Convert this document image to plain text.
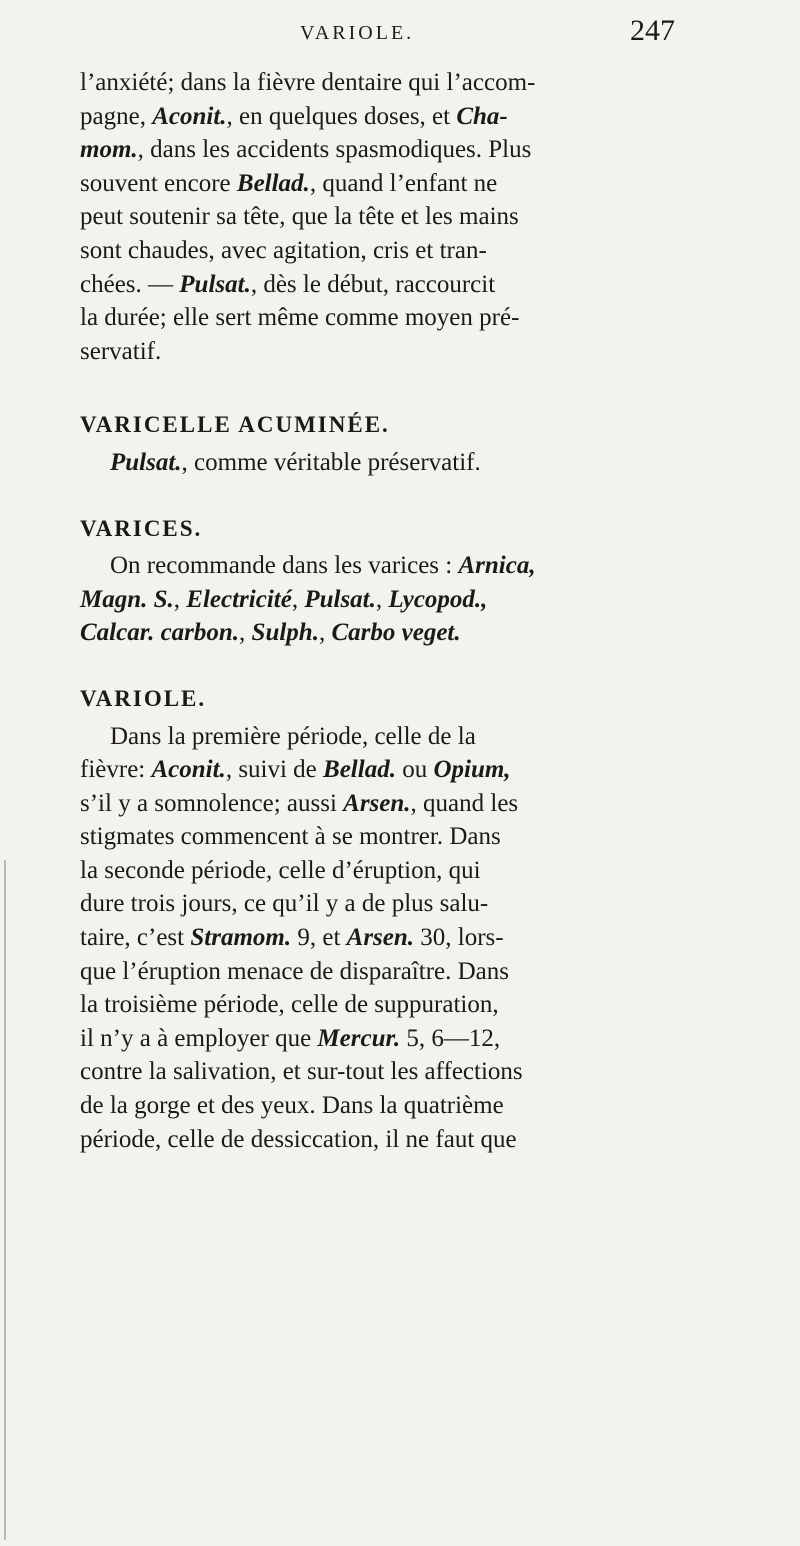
VARIOLE.	247

l’anxiété; dans la fièvre dentaire qui l’accom-

pagne, Aconit., en quelques doses, et Cha-

mom., dans les accidents spasmodiques. Plus

souvent encore Bellad., quand l’enfant ne

peut soutenir sa tête, que la tête et les mains

sont chaudes, avec agitation, cris et tran-

chées. — Pulsat., dès le début, raccourcit

la durée; elle sert même comme moyen pré-

servatif.

VARICELLE ACUMINÉE.

Pulsat., comme véritable préservatif.

VARICES.

On recommande dans les varices : Arnica,

Magn. S., Electricité, Pulsat., Lycopod.,

Calcar. carbon., Sulph., Carbo veget.

VARIOLE.

Dans la première période, celle de la

fièvre: Aconit., suivi de Bellad. ou Opium,

s’il y a somnolence; aussi Arsen., quand les

stigmates commencent à se montrer. Dans

la seconde période, celle d’éruption, qui

dure trois jours, ce qu’il y a de plus salu-

taire, c’est Stramom. 9, et Arsen. 30, lors-

que l’éruption menace de disparaître. Dans

la troisième période, celle de suppuration,

il n’y a à employer que Mercur. 5, 6—12,

contre la salivation, et sur-tout les affections

de la gorge et des yeux. Dans la quatrième

période, celle de dessiccation, il ne faut que
